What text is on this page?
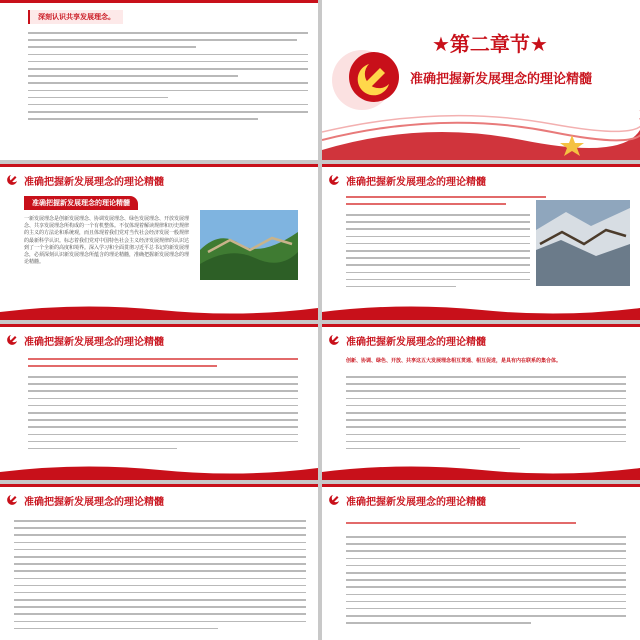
深刻认识共享发展理念。
★第二章节★
准确把握新发展理念的理论精髓
准确把握新发展理念的理论精髓
准确把握新发展理念的理论精髓
一新发展理念是创新发展理念、协调发展理念、绿色发展理念、开放发展理念、共享发展理念所构成的一个有机整体。不仅体现着解读规律和历史规律的主义的方法论和系统观，而且体现着我们党对当代社会经济发展一般规律的最新科学认识。标志着我们党对中国特色社会主义经济发展规律的认识达到了一个全新的高度和境界。深入学习和全面贯彻习近平总书记的新发展理念，必须深刻认识新发展理念所蕴含的理论精髓，准确把握新发展理念的理论精髓。
准确把握新发展理念的理论精髓
准确把握新发展理念的理论精髓	准确把握新发展理念的理论精髓
创新、协调、绿色、开放、共享这五大发展理念相互贯通、相互促进，是具有内在联系的集合体。
准确把握新发展理念的理论精髓	准确把握新发展理念的理论精髓
